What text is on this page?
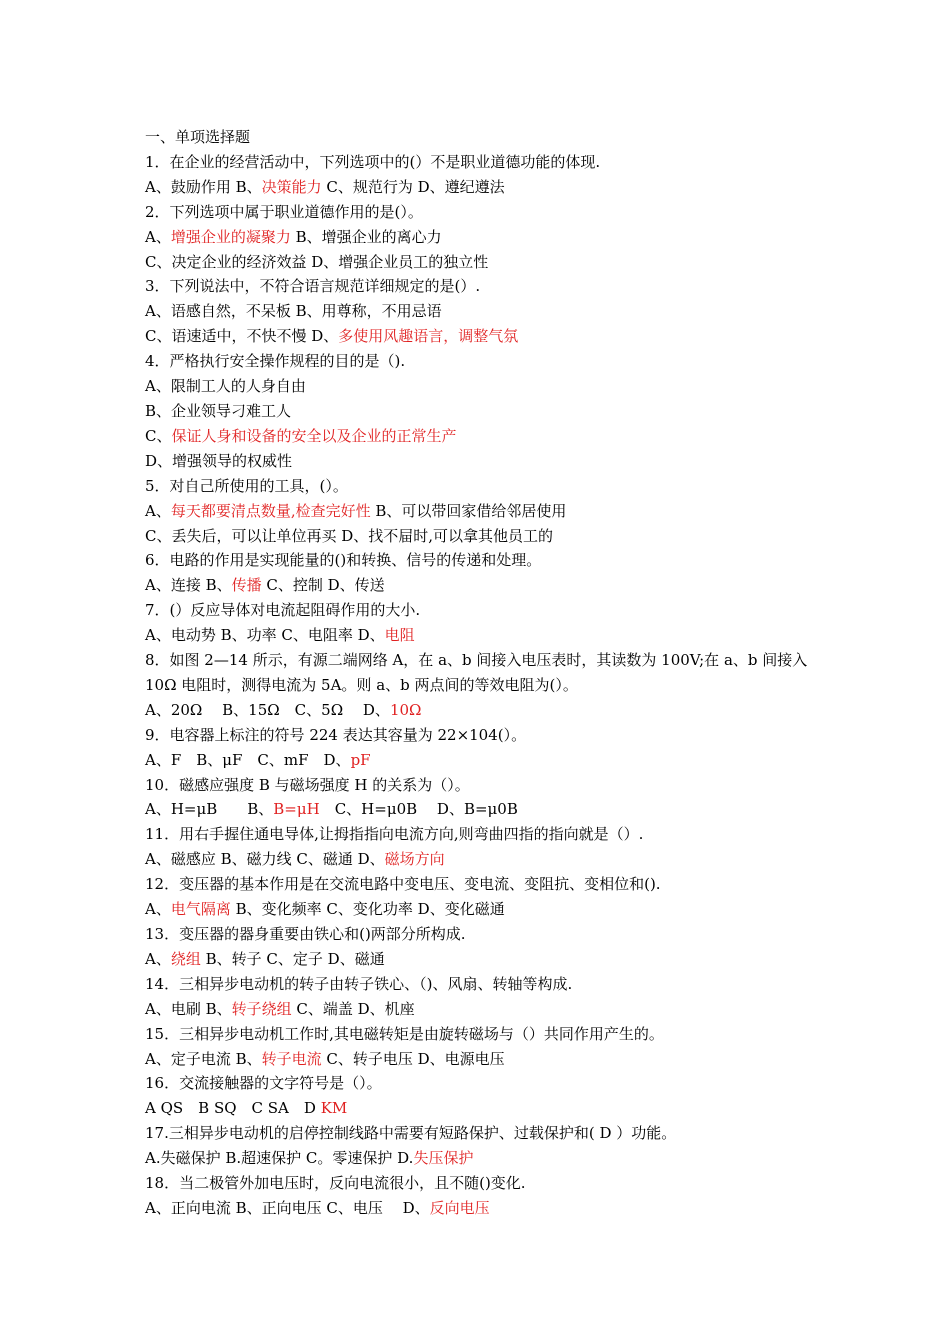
一、单项选择题
1．在企业的经营活动中，下列选项中的(）不是职业道德功能的体现.
A、鼓励作用 B、决策能力 C、规范行为 D、遵纪遵法
2．下列选项中属于职业道德作用的是(）。
A、增强企业的凝聚力 B、增强企业的离心力
C、决定企业的经济效益 D、增强企业员工的独立性
3．下列说法中，不符合语言规范详细规定的是(）.
A、语感自然，不呆板 B、用尊称，不用忌语
C、语速适中，不快不慢 D、多使用风趣语言，调整气氛
4．严格执行安全操作规程的目的是（).
A、限制工人的人身自由
B、企业领导刁难工人
C、保证人身和设备的安全以及企业的正常生产
D、增强领导的权威性
5．对自己所使用的工具，(）。
A、每天都要清点数量,检查完好性 B、可以带回家借给邻居使用
C、丢失后，可以让单位再买 D、找不屇时,可以拿其他员工的
6．电路的作用是实现能量的()和转换、信号的传递和处理。
A、连接 B、传播 C、控制 D、传送
7．(）反应导体对电流起阻碍作用的大小.
A、电动势 B、功率 C、电阻率 D、电阻
8．如图 2—14 所示，有源二端网络 A，在 a、b 间接入电压表时，其读数为 100V;在 a、b 间接入 10Ω 电阻时，测得电流为 5A。则 a、b 两点间的等效电阻为(）。
A、20Ω　 B、15Ω　C、5Ω　 D、10Ω
9．电容器上标注的符号 224 表达其容量为 22×104(）。
A、F　B、μF　C、mF　D、pF
10．磁感应强度 B 与磁场强度 H 的关系为（）。
A、H=μB　　B、B=μH　C、H=μ0B　 D、B=μ0B
11．用右手握住通电导体,让拇指指向电流方向,则弯曲四指的指向就是（）.
A、磁感应 B、磁力线 C、磁通 D、磁场方向
12．变压器的基本作用是在交流电路中变电压、变电流、变阻抗、变相位和().
A、电气隔离 B、变化频率 C、变化功率 D、变化磁通
13．变压器的器身重要由铁心和()两部分所构成.
A、绕组 B、转子 C、定子 D、磁通
14．三相异步电动机的转子由转子铁心、（)、风扇、转轴等构成.
A、电刷 B、转子绕组 C、端盖 D、机座
15．三相异步电动机工作时,其电磁转矩是由旋转磁场与（）共同作用产生的。
A、定子电流 B、转子电流 C、转子电压 D、电源电压
16．交流接触器的文字符号是（）。
A QS　B SQ　C SA　D KM
17.三相异步电动机的启停控制线路中需要有短路保护、过载保护和( D ）功能。
A.失磁保护 B.超速保护 C。零速保护 D.失压保护
18．当二极管外加电压时，反向电流很小，且不随()变化.
A、正向电流 B、正向电压 C、电压　 D、反向电压
